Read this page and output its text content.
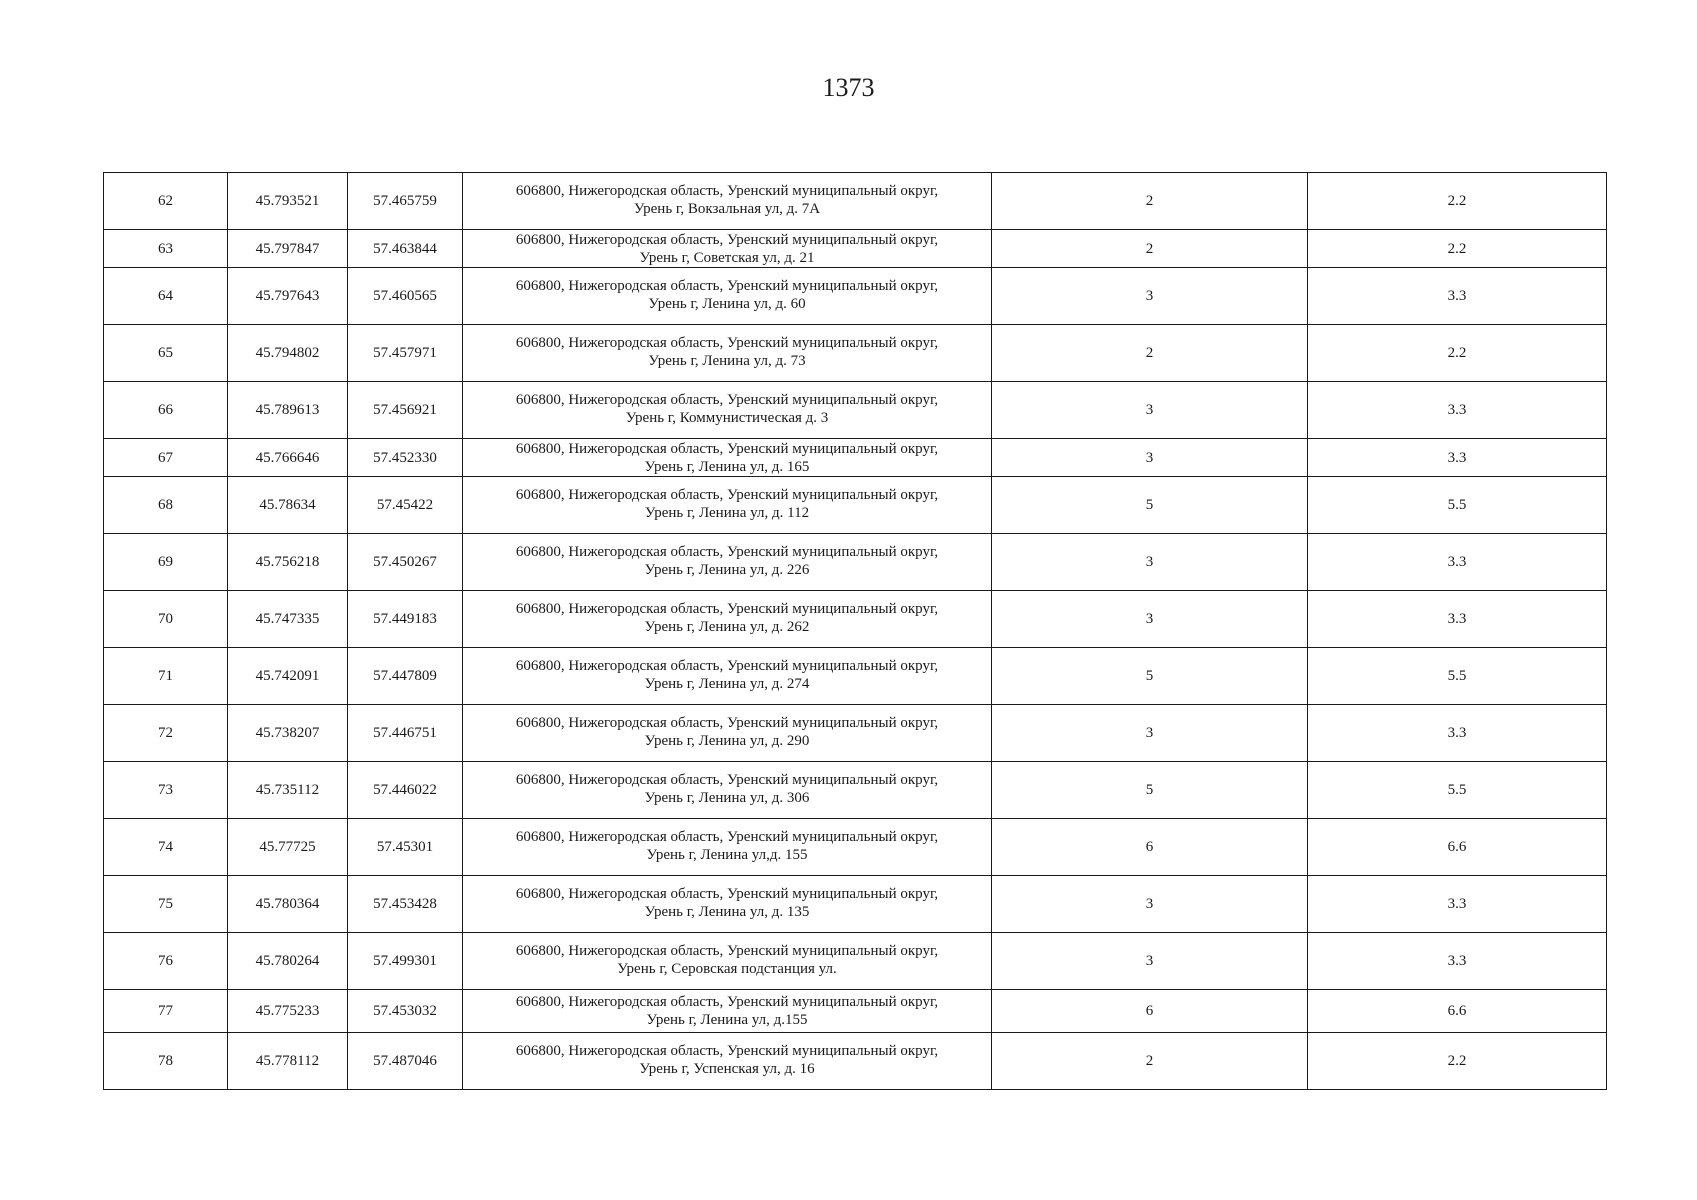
1373
62	45.793521	57.465759	606800, Нижегородская область, Уренский муниципальный округ,
Урень г, Вокзальная ул, д. 7А	2	2.2
63	45.797847	57.463844	606800, Нижегородская область, Уренский муниципальный округ,
Урень г, Советская ул, д. 21	2	2.2
64	45.797643	57.460565	606800, Нижегородская область, Уренский муниципальный округ,
Урень г, Ленина ул, д. 60	3	3.3
65	45.794802	57.457971	606800, Нижегородская область, Уренский муниципальный округ,
Урень г, Ленина ул, д. 73	2	2.2
66	45.789613	57.456921	606800, Нижегородская область, Уренский муниципальный округ,
Урень г, Коммунистическая д. 3	3	3.3
67	45.766646	57.452330	606800, Нижегородская область, Уренский муниципальный округ,
Урень г, Ленина ул, д. 165	3	3.3
68	45.78634	57.45422	606800, Нижегородская область, Уренский муниципальный округ,
Урень г, Ленина ул, д. 112	5	5.5
69	45.756218	57.450267	606800, Нижегородская область, Уренский муниципальный округ,
Урень г, Ленина ул, д. 226	3	3.3
70	45.747335	57.449183	606800, Нижегородская область, Уренский муниципальный округ,
Урень г, Ленина ул, д. 262	3	3.3
71	45.742091	57.447809	606800, Нижегородская область, Уренский муниципальный округ,
Урень г, Ленина ул, д. 274	5	5.5
72	45.738207	57.446751	606800, Нижегородская область, Уренский муниципальный округ,
Урень г, Ленина ул, д. 290	3	3.3
73	45.735112	57.446022	606800, Нижегородская область, Уренский муниципальный округ,
Урень г, Ленина ул, д. 306	5	5.5
74	45.77725	57.45301	606800, Нижегородская область, Уренский муниципальный округ,
Урень г, Ленина ул,д. 155	6	6.6
75	45.780364	57.453428	606800, Нижегородская область, Уренский муниципальный округ,
Урень г, Ленина ул, д. 135	3	3.3
76	45.780264	57.499301	606800, Нижегородская область, Уренский муниципальный округ,
Урень г, Серовская подстанция ул.	3	3.3
77	45.775233	57.453032	606800, Нижегородская область, Уренский муниципальный округ,
Урень г, Ленина ул, д.155	6	6.6
78	45.778112	57.487046	606800, Нижегородская область, Уренский муниципальный округ,
Урень г, Успенская ул, д. 16	2	2.2
